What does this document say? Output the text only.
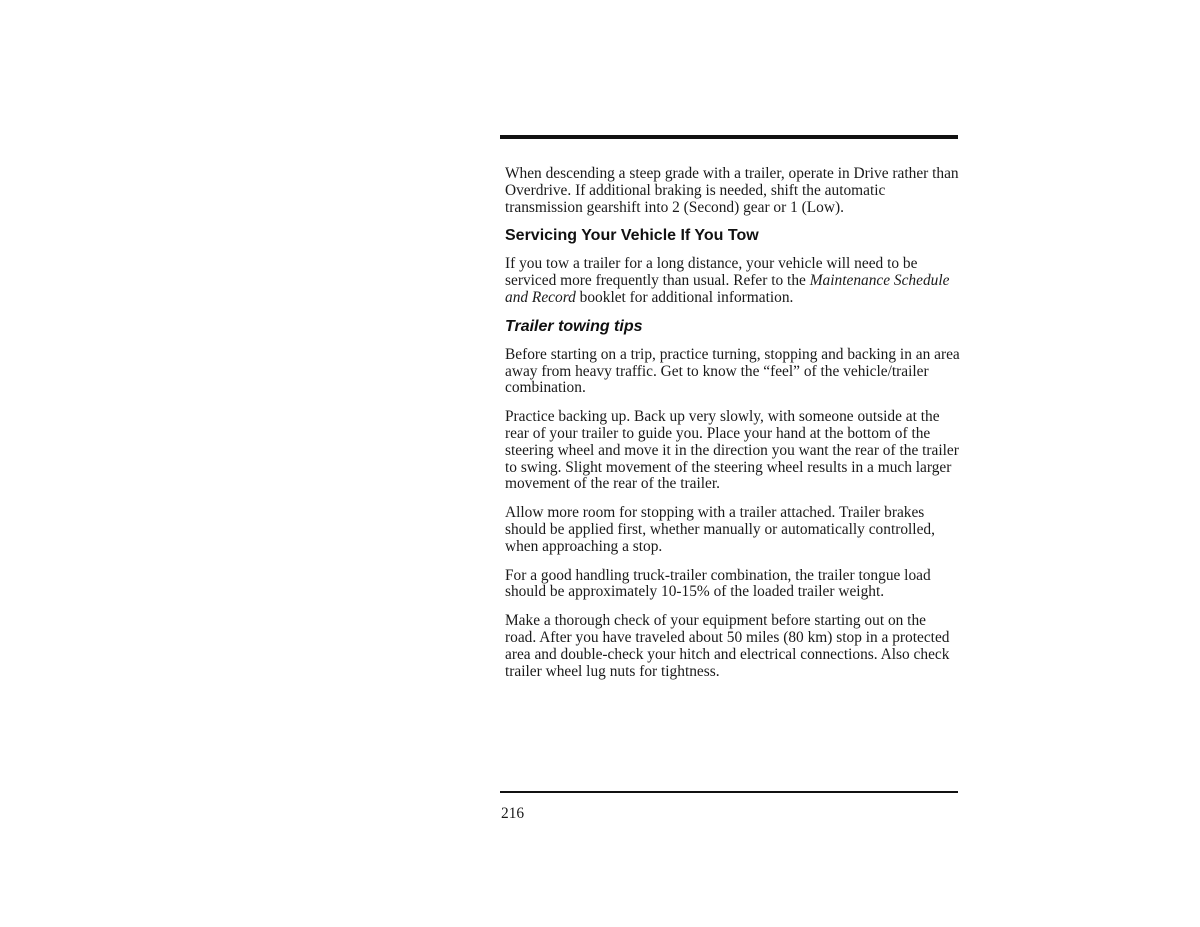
When descending a steep grade with a trailer, operate in Drive rather than Overdrive. If additional braking is needed, shift the automatic transmission gearshift into 2 (Second) gear or 1 (Low).

Servicing Your Vehicle If You Tow

If you tow a trailer for a long distance, your vehicle will need to be serviced more frequently than usual. Refer to the Maintenance Schedule and Record booklet for additional information.

Trailer towing tips

Before starting on a trip, practice turning, stopping and backing in an area away from heavy traffic. Get to know the “feel” of the vehicle/trailer combination.

Practice backing up. Back up very slowly, with someone outside at the rear of your trailer to guide you. Place your hand at the bottom of the steering wheel and move it in the direction you want the rear of the trailer to swing. Slight movement of the steering wheel results in a much larger movement of the rear of the trailer.

Allow more room for stopping with a trailer attached. Trailer brakes should be applied first, whether manually or automatically controlled, when approaching a stop.

For a good handling truck-trailer combination, the trailer tongue load should be approximately 10-15% of the loaded trailer weight.

Make a thorough check of your equipment before starting out on the road. After you have traveled about 50 miles (80 km) stop in a protected area and double-check your hitch and electrical connections. Also check trailer wheel lug nuts for tightness.

216
